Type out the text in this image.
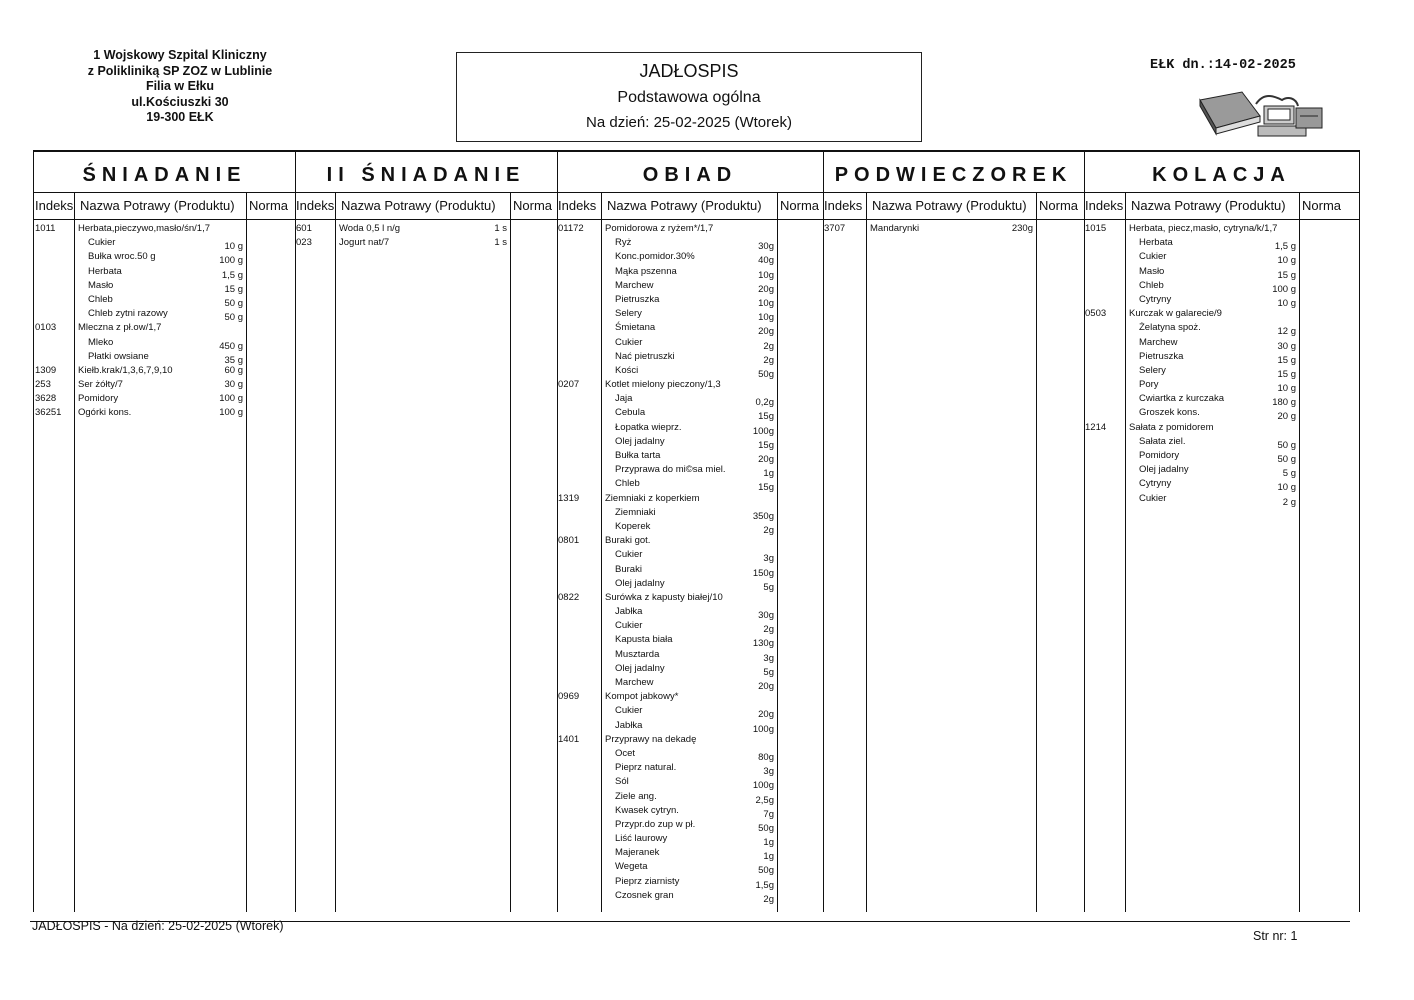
1 Wojskowy Szpital Kliniczny
z Polikliniką SP ZOZ w Lublinie
Filia w Ełku
ul.Kościuszki 30
19-300 EŁK
JADŁOSPIS
Podstawowa ogólna
Na dzień: 25-02-2025 (Wtorek)
EŁK dn.:14-02-2025
ŚNIADANIE
Indeks Nazwa Potrawy (Produktu) Norma
1011 Herbata,pieczywo,masło/śn/1,7
Cukier	10 g
Bułka wroc.50 g	100 g
Herbata	1,5 g
Masło	15 g
Chleb	50 g
Chleb zytni razowy	50 g
0103 Mleczna z pł.ow/1,7
Mleko	450 g
Płatki owsiane	35 g
1309 Kiełb.krak/1,3,6,7,9,10	60 g
253	Ser żółty/7	30 g
3628 Pomidory	100 g
36251 Ogórki kons.	100 g
II ŚNIADANIE
Indeks Nazwa Potrawy (Produktu) Norma
601	Woda 0,5 l n/g	1 s
023	Jogurt nat/7	1 s
OBIAD
Indeks Nazwa Potrawy (Produktu) Norma
01172 Pomidorowa z ryżem*/1,7
Ryż	30g
Konc.pomidor.30%	40g
Mąka pszenna	10g
Marchew	20g
Pietruszka	10g
Selery	10g
Śmietana	20g
Cukier	2g
Nać pietruszki	2g
Kości	50g
0207	Kotlet mielony pieczony/1,3
Jaja	0,2g
Cebula	15g
Łopatka wieprz.	100g
Olej jadalny	15g
Bułka tarta	20g
Przyprawa do mi©sa miel.	1g
Chleb	15g
1319	Ziemniaki z koperkiem
Ziemniaki	350g
Koperek	2g
0801	Buraki got.
Cukier	3g
Buraki	150g
Olej jadalny	5g
0822	Surówka z kapusty białej/10
Jabłka	30g
Cukier	2g
Kapusta biała	130g
Musztarda	3g
Olej jadalny	5g
Marchew	20g
0969	Kompot jabkowy*
Cukier	20g
Jabłka	100g
1401	Przyprawy na dekadę
Ocet	80g
Pieprz natural.	3g
Sól	100g
Ziele ang.	2,5g
Kwasek cytryn.	7g
Przypr.do zup w pł.	50g
Liść laurowy	1g
Majeranek	1g
Wegeta	50g
Pieprz ziarnisty	1,5g
Czosnek gran	2g
PODWIECZOREK
Indeks Nazwa Potrawy (Produktu) Norma
3707	Mandarynki	230g
KOLACJA
Indeks Nazwa Potrawy (Produktu) Norma
1015 Herbata, piecz,masło, cytryna/k/1,7
Herbata	1,5 g
Cukier	10 g
Masło	15 g
Chleb	100 g
Cytryny	10 g
0503 Kurczak w galarecie/9
Żelatyna spoż.	12 g
Marchew	30 g
Pietruszka	15 g
Selery	15 g
Pory	10 g
Cwiartka z kurczaka	180 g
Groszek kons.	20 g
1214 Sałata z pomidorem
Sałata ziel.	50 g
Pomidory	50 g
Olej jadalny	5 g
Cytryny	10 g
Cukier	2 g
JADŁOSPIS - Na dzień: 25-02-2025 (Wtorek)
Str nr: 1
